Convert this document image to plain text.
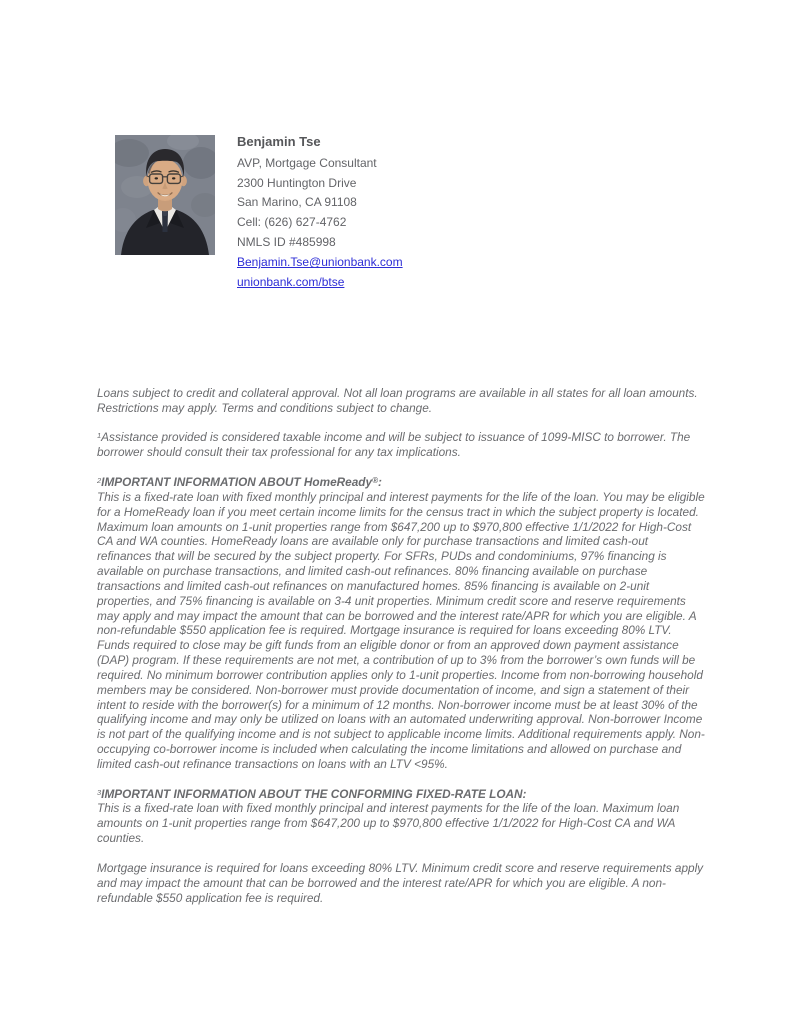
Benjamin Tse
AVP, Mortgage Consultant
2300 Huntington Drive
San Marino, CA 91108
Cell: (626) 627-4762
NMLS ID #485998
Benjamin.Tse@unionbank.com
unionbank.com/btse

Loans subject to credit and collateral approval. Not all loan programs are available in all states for all loan amounts. Restrictions may apply. Terms and conditions subject to change.

$^1$Assistance provided is considered taxable income and will be subject to issuance of 1099-MISC to borrower. The borrower should consult their tax professional for any tax implications.

$^2$IMPORTANT INFORMATION ABOUT HomeReady®:
This is a fixed-rate loan with fixed monthly principal and interest payments for the life of the loan. You may be eligible for a HomeReady loan if you meet certain income limits for the census tract in which the subject property is located. Maximum loan amounts on 1-unit properties range from $647,200 up to $970,800 effective 1/1/2022 for High-Cost CA and WA counties. HomeReady loans are available only for purchase transactions and limited cash-out refinances that will be secured by the subject property. For SFRs, PUDs and condominiums, 97% financing is available on purchase transactions, and limited cash-out refinances. 80% financing available on purchase transactions and limited cash-out refinances on manufactured homes. 85% financing is available on 2-unit properties, and 75% financing is available on 3-4 unit properties. Minimum credit score and reserve requirements may apply and may impact the amount that can be borrowed and the interest rate/APR for which you are eligible. A non-refundable $550 application fee is required. Mortgage insurance is required for loans exceeding 80% LTV. Funds required to close may be gift funds from an eligible donor or from an approved down payment assistance (DAP) program. If these requirements are not met, a contribution of up to 3% from the borrower’s own funds will be required. No minimum borrower contribution applies only to 1-unit properties. Income from non-borrowing household members may be considered. Non-borrower must provide documentation of income, and sign a statement of their intent to reside with the borrower(s) for a minimum of 12 months. Non-borrower income must be at least 30% of the qualifying income and may only be utilized on loans with an automated underwriting approval. Non-borrower Income is not part of the qualifying income and is not subject to applicable income limits. Additional requirements apply. Non-occupying co-borrower income is included when calculating the income limitations and allowed on purchase and limited cash-out refinance transactions on loans with an LTV <95%.

$^3$IMPORTANT INFORMATION ABOUT THE CONFORMING FIXED-RATE LOAN:
This is a fixed-rate loan with fixed monthly principal and interest payments for the life of the loan. Maximum loan amounts on 1-unit properties range from $647,200 up to $970,800 effective 1/1/2022 for High-Cost CA and WA counties.

Mortgage insurance is required for loans exceeding 80% LTV. Minimum credit score and reserve requirements apply and may impact the amount that can be borrowed and the interest rate/APR for which you are eligible. A non-refundable $550 application fee is required.
